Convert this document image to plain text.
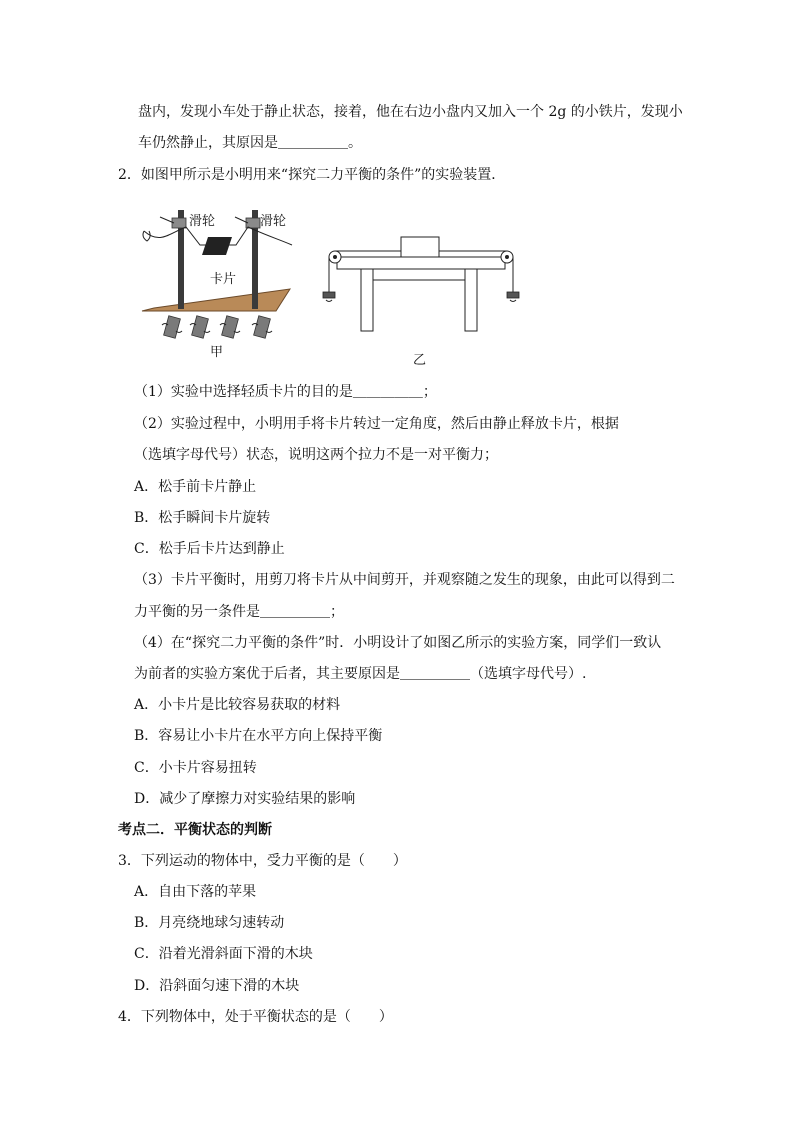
盘内，发现小车处于静止状态，接着，他在右边小盘内又加入一个 2g 的小铁片，发现小
车仍然静止，其原因是＿＿＿＿＿。
2．如图甲所示是小明用来“探究二力平衡的条件”的实验装置．
滑轮	滑轮
卡片
甲
乙
（1）实验中选择轻质卡片的目的是＿＿＿＿＿；
（2）实验过程中，小明用手将卡片转过一定角度，然后由静止释放卡片，根据
（选填字母代号）状态，说明这两个拉力不是一对平衡力；
A．松手前卡片静止
B．松手瞬间卡片旋转
C．松手后卡片达到静止
（3）卡片平衡时，用剪刀将卡片从中间剪开，并观察随之发生的现象，由此可以得到二
力平衡的另一条件是＿＿＿＿＿；
（4）在“探究二力平衡的条件”时．小明设计了如图乙所示的实验方案，同学们一致认
为前者的实验方案优于后者，其主要原因是＿＿＿＿＿（选填字母代号）.
A．小卡片是比较容易获取的材料
B．容易让小卡片在水平方向上保持平衡
C．小卡片容易扭转
D．减少了摩擦力对实验结果的影响
考点二．平衡状态的判断
3．下列运动的物体中，受力平衡的是（　　）
A．自由下落的苹果
B．月亮绕地球匀速转动
C．沿着光滑斜面下滑的木块
D．沿斜面匀速下滑的木块
4．下列物体中，处于平衡状态的是（　　）
